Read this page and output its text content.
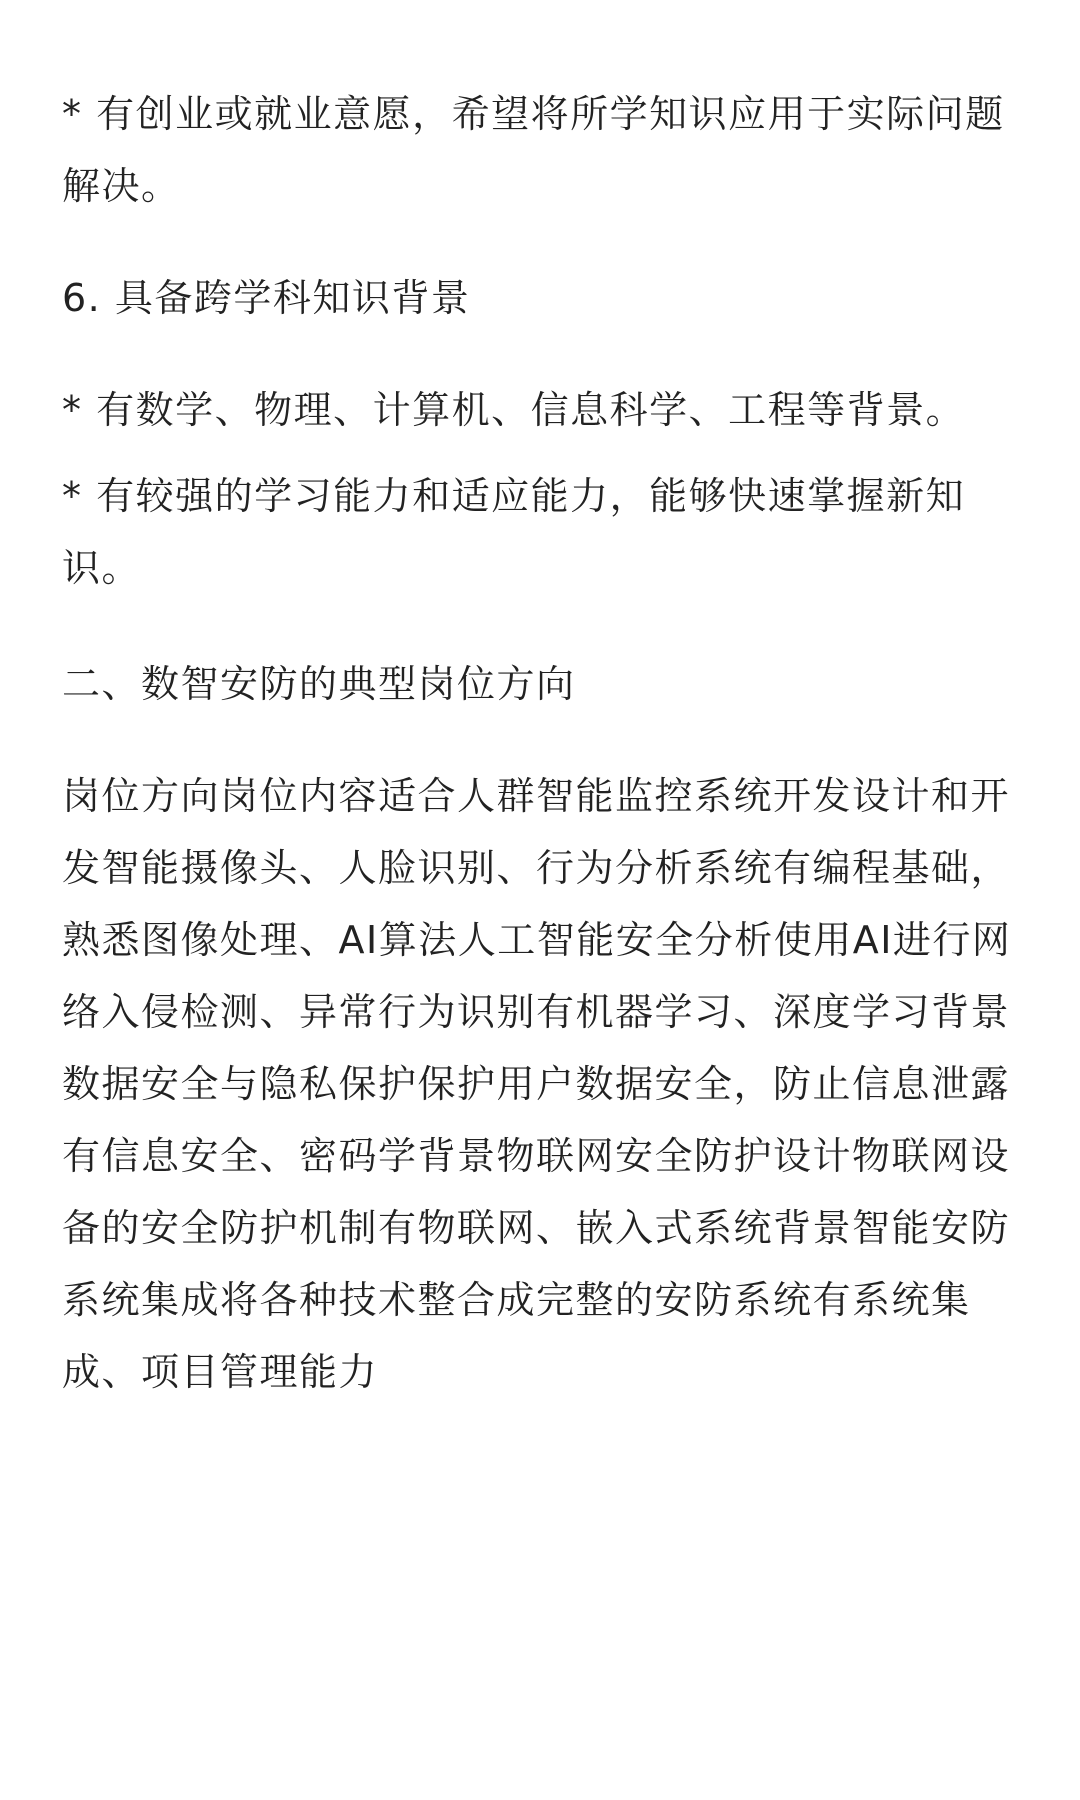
* 有创业或就业意愿，希望将所学知识应用于实际问题解决。

6. 具备跨学科知识背景

* 有数学、物理、计算机、信息科学、工程等背景。

* 有较强的学习能力和适应能力，能够快速掌握新知识。

二、数智安防的典型岗位方向

岗位方向岗位内容适合人群智能监控系统开发设计和开发智能摄像头、人脸识别、行为分析系统有编程基础，熟悉图像处理、AI算法人工智能安全分析使用AI进行网络入侵检测、异常行为识别有机器学习、深度学习背景数据安全与隐私保护保护用户数据安全，防止信息泄露有信息安全、密码学背景物联网安全防护设计物联网设备的安全防护机制有物联网、嵌入式系统背景智能安防系统集成将各种技术整合成完整的安防系统有系统集成、项目管理能力
